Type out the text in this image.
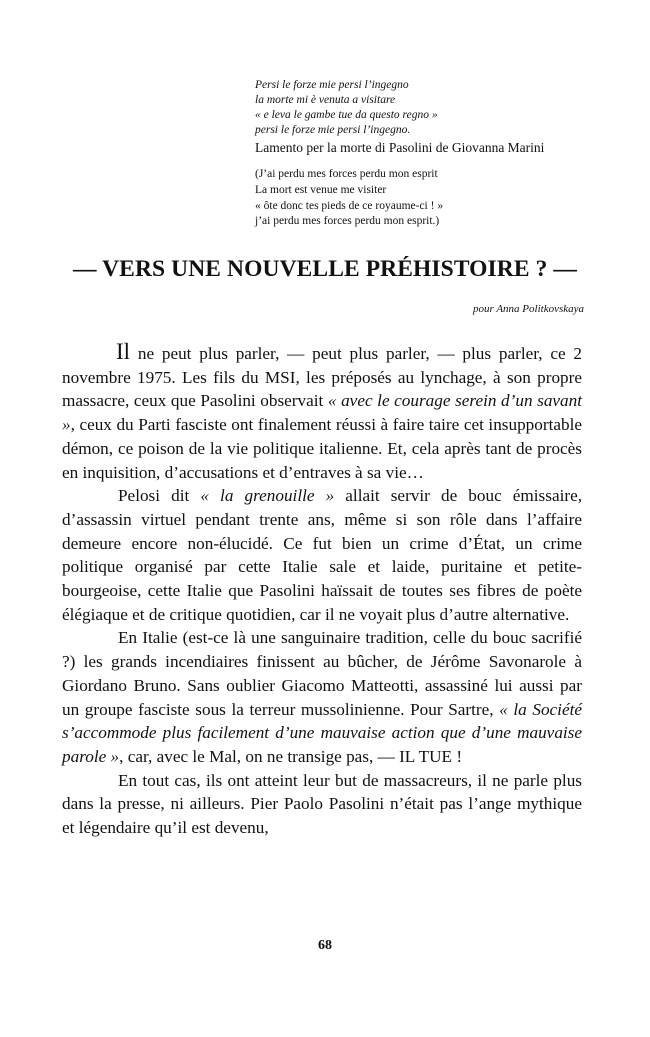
Persi le forze mie persi l’ingegno
la morte mi è venuta a visitare
« e leva le gambe tue da questo regno »
persi le forze mie persi l’ingegno.
Lamento per la morte di Pasolini de Giovanna Marini
(J’ai perdu mes forces perdu mon esprit
La mort est venue me visiter
« ôte donc tes pieds de ce royaume-ci ! »
j’ai perdu mes forces perdu mon esprit.)
— VERS UNE NOUVELLE PRÉHISTOIRE ? —
pour Anna Politkovskaya

Il ne peut plus parler, — peut plus parler, — plus parler, ce 2 novembre 1975. Les fils du MSI, les préposés au lynchage, à son propre massacre, ceux que Pasolini observait « avec le courage serein d’un savant », ceux du Parti fasciste ont finalement réussi à faire taire cet insupportable démon, ce poison de la vie politique italienne. Et, cela après tant de procès en inquisition, d’accusations et d’entraves à sa vie…

Pelosi dit « la grenouille » allait servir de bouc émissaire, d’assassin virtuel pendant trente ans, même si son rôle dans l’affaire demeure encore non-élucidé. Ce fut bien un crime d’État, un crime politique organisé par cette Italie sale et laide, puritaine et petite-bourgeoise, cette Italie que Pasolini haïssait de toutes ses fibres de poète élégiaque et de critique quotidien, car il ne voyait plus d’autre alternative.

En Italie (est-ce là une sanguinaire tradition, celle du bouc sacrifié ?) les grands incendiaires finissent au bûcher, de Jérôme Savonarole à Giordano Bruno. Sans oublier Giacomo Matteotti, assassiné lui aussi par un groupe fasciste sous la terreur mussolinienne. Pour Sartre, « la Société s’accommode plus facilement d’une mauvaise action que d’une mauvaise parole », car, avec le Mal, on ne transige pas, — IL TUE !

En tout cas, ils ont atteint leur but de massacreurs, il ne parle plus dans la presse, ni ailleurs. Pier Paolo Pasolini n’était pas l’ange mythique et légendaire qu’il est devenu,

68
